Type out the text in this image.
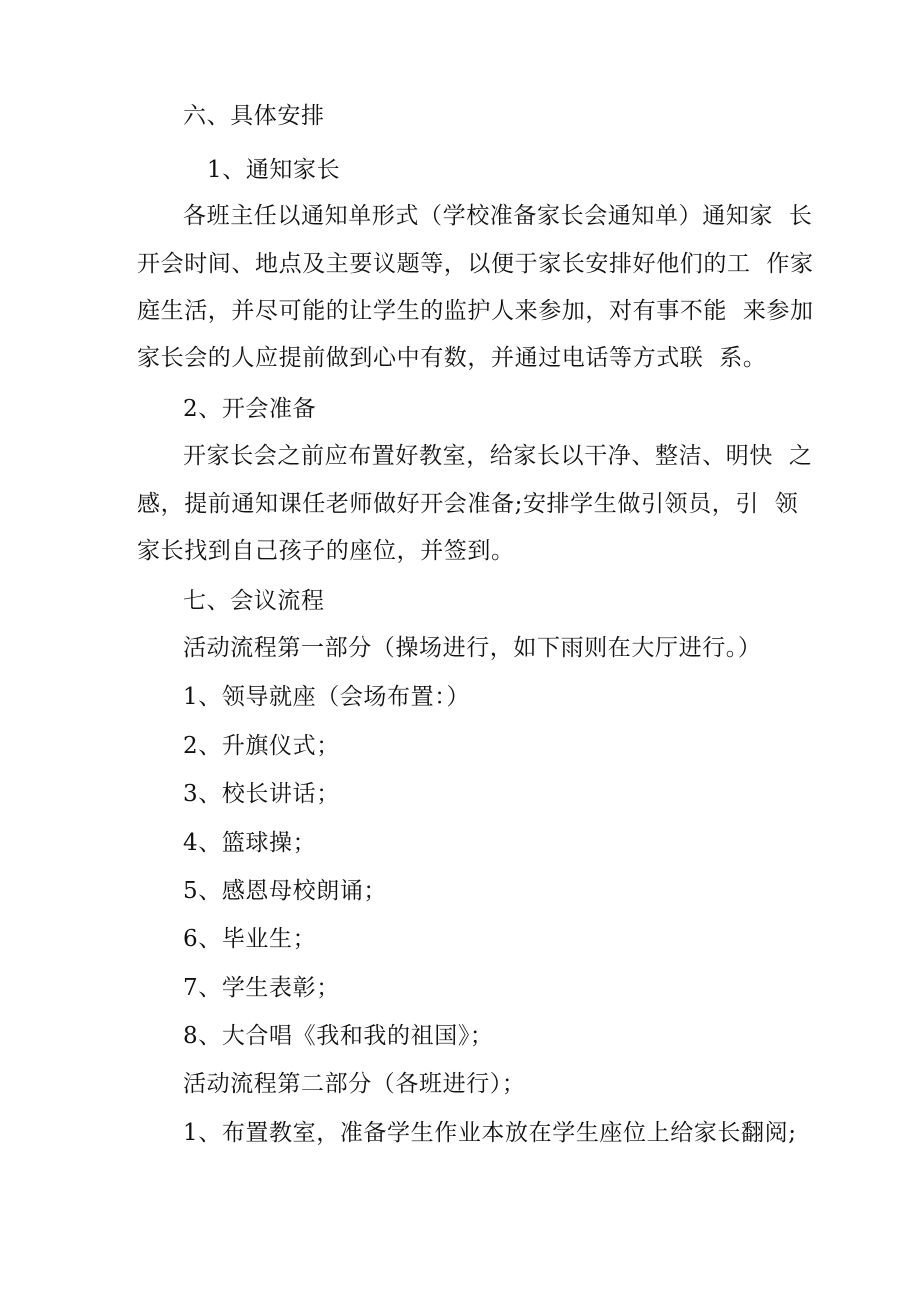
六、具体安排

1、通知家长

各班主任以通知单形式（学校准备家长会通知单）通知家  长

开会时间、地点及主要议题等，以便于家长安排好他们的工  作家

庭生活，并尽可能的让学生的监护人来参加，对有事不能  来参加

家长会的人应提前做到心中有数，并通过电话等方式联  系。

2、开会准备

开家长会之前应布置好教室，给家长以干净、整洁、明快  之

感，提前通知课任老师做好开会准备;安排学生做引领员，引  领

家长找到自己孩子的座位，并签到。

七、会议流程

活动流程第一部分（操场进行，如下雨则在大厅进行。）

1、领导就座（会场布置：）

2、升旗仪式；

3、校长讲话；

4、篮球操；

5、感恩母校朗诵；

6、毕业生；

7、学生表彰；

8、大合唱《我和我的祖国》；

活动流程第二部分（各班进行）；

1、布置教室，准备学生作业本放在学生座位上给家长翻阅;
